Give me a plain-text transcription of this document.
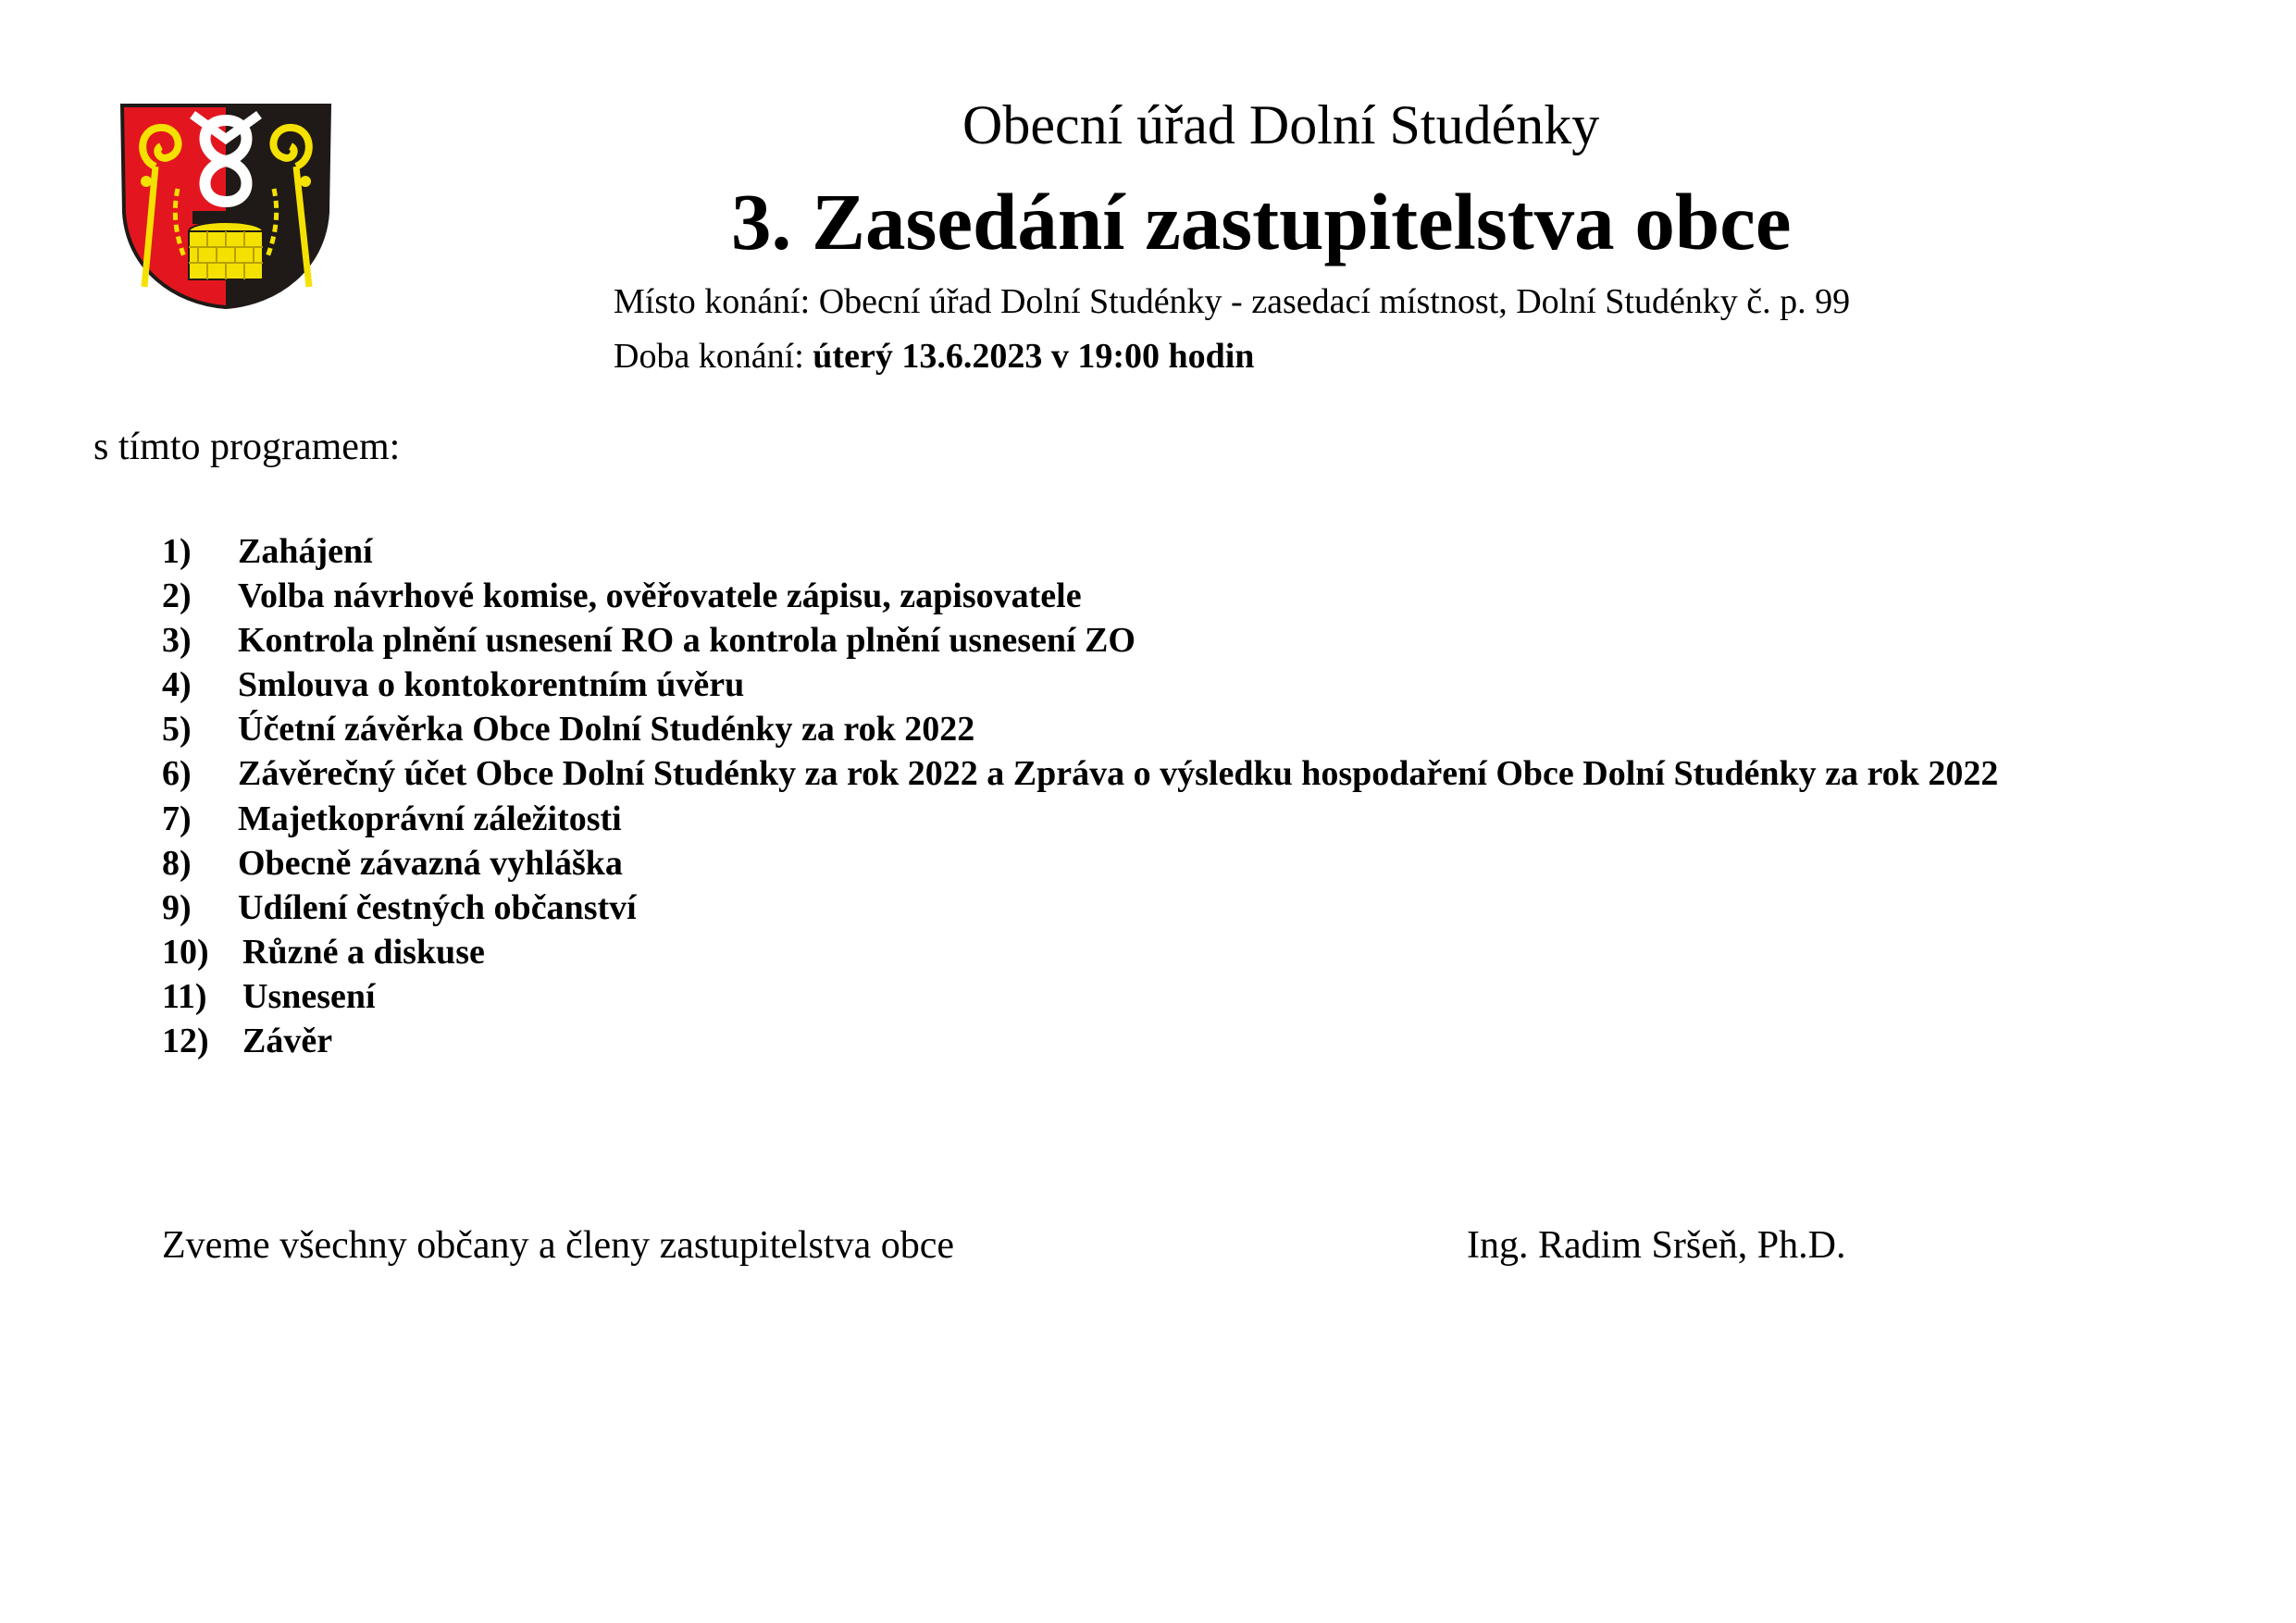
Obecní úřad Dolní Studénky
3. Zasedání zastupitelstva obce
Místo konání: Obecní úřad Dolní Studénky - zasedací místnost, Dolní Studénky č. p. 99
Doba konání: úterý 13.6.2023 v 19:00 hodin
s tímto programem:
1) Zahájení
2) Volba návrhové komise, ověřovatele zápisu, zapisovatele
3) Kontrola plnění usnesení RO a kontrola plnění usnesení ZO
4) Smlouva o kontokorentním úvěru
5) Účetní závěrka Obce Dolní Studénky za rok 2022
6) Závěrečný účet Obce Dolní Studénky za rok 2022 a Zpráva o výsledku hospodaření Obce Dolní Studénky za rok 2022
7) Majetkoprávní záležitosti
8) Obecně závazná vyhláška
9) Udílení čestných občanství
10) Různé a diskuse
11) Usnesení
12) Závěr
Zveme všechny občany a členy zastupitelstva obce	Ing. Radim Sršeň, Ph.D.
